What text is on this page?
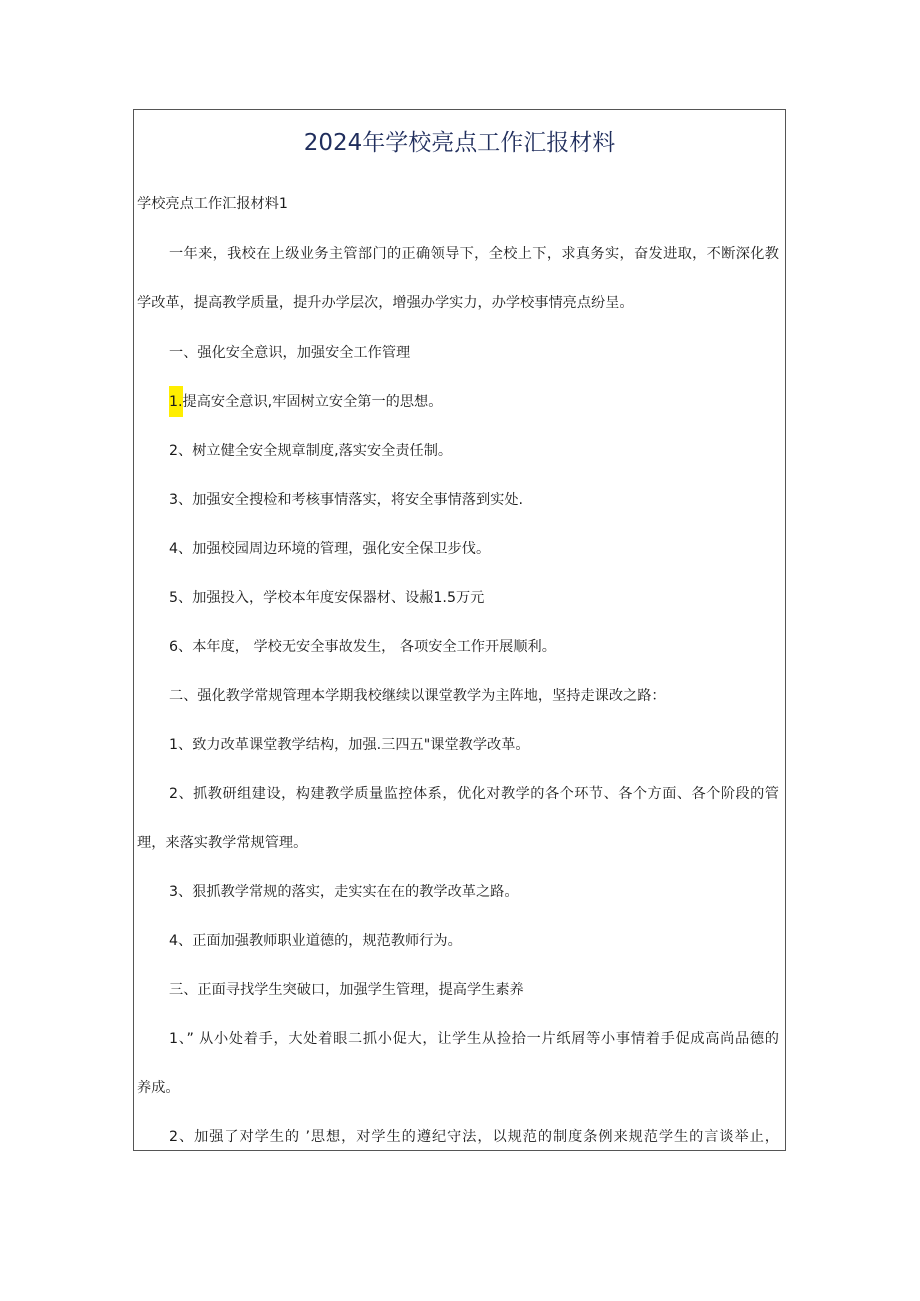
2024年学校亮点工作汇报材料

学校亮点工作汇报材料1

一年来，我校在上级业务主管部门的正确领导下，全校上下，求真务实，奋发进取，不断深化教

学改革，提高教学质量，提升办学层次，增强办学实力，办学校事情亮点纷呈。

一、强化安全意识，加强安全工作管理

1.提高安全意识,牢固树立安全第一的思想。

2、树立健全安全规章制度,落实安全责任制。

3、加强安全搜检和考核事情落实，将安全事情落到实处.

4、加强校园周边环境的管理，强化安全保卫步伐。

5、加强投入，学校本年度安保器材、设赧1.5万元

6、本年度， 学校无安全事故发生， 各项安全工作开展顺利。

二、强化教学常规管理本学期我校继续以课堂教学为主阵地，坚持走课改之路：

1、致力改革课堂教学结构，加强.三四五"课堂教学改革。

2、抓教研组建设，构建教学质量监控体系，优化对教学的各个环节、各个方面、各个阶段的管

理，来落实教学常规管理。

3、狠抓教学常规的落实，走实实在在的教学改革之路。

4、正面加强教师职业道德的，规范教师行为。

三、正面寻找学生突破口，加强学生管理，提高学生素养

1、” 从小处着手，大处着眼二抓小促大，让学生从捡拾一片纸屑等小事情着手促成高尚品德的

养成。

2、加强了对学生的 ’思想，对学生的遵纪守法，以规范的制度条例来规范学生的言谈举止，
